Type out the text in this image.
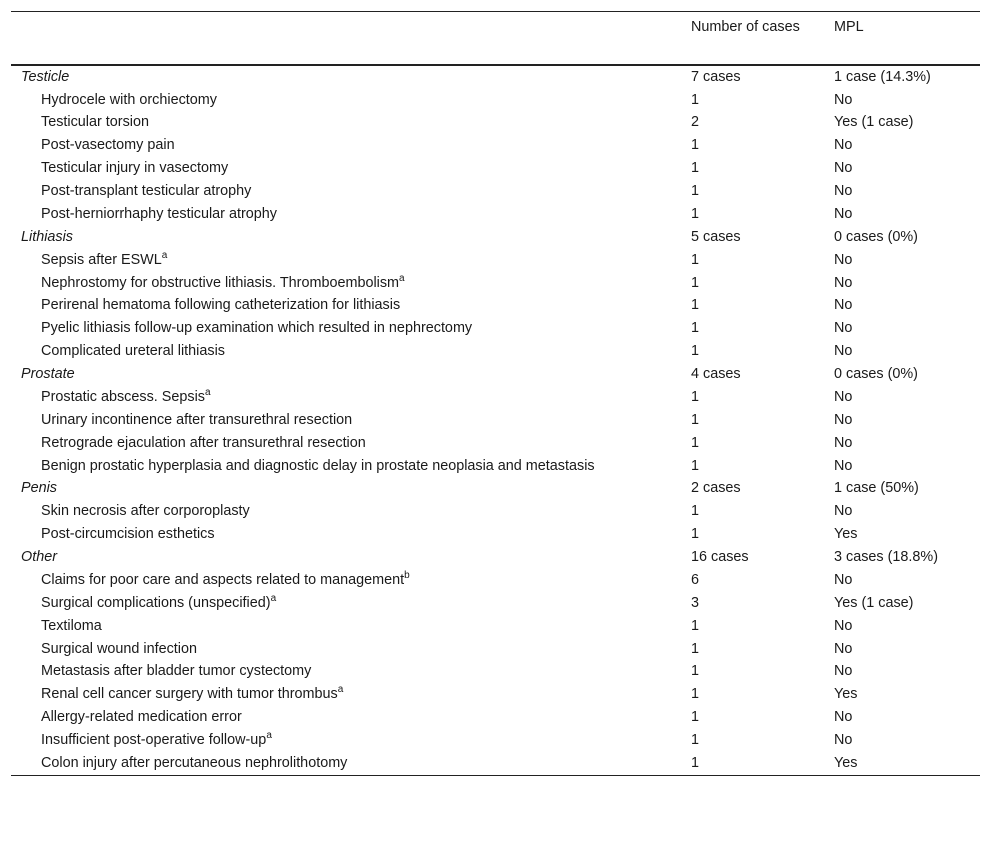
	Number of cases	MPL
Testicle	7 cases	1 case (14.3%)
Hydrocele with orchiectomy	1	No
Testicular torsion	2	Yes (1 case)
Post-vasectomy pain	1	No
Testicular injury in vasectomy	1	No
Post-transplant testicular atrophy	1	No
Post-herniorrhaphy testicular atrophy	1	No
Lithiasis	5 cases	0 cases (0%)
Sepsis after ESWL$^a$	1	No
Nephrostomy for obstructive lithiasis. Thromboembolism$^a$	1	No
Perirenal hematoma following catheterization for lithiasis	1	No
Pyelic lithiasis follow-up examination which resulted in nephrectomy	1	No
Complicated ureteral lithiasis	1	No
Prostate	4 cases	0 cases (0%)
Prostatic abscess. Sepsis$^a$	1	No
Urinary incontinence after transurethral resection	1	No
Retrograde ejaculation after transurethral resection	1	No
Benign prostatic hyperplasia and diagnostic delay in prostate neoplasia and metastasis	1	No
Penis	2 cases	1 case (50%)
Skin necrosis after corporoplasty	1	No
Post-circumcision esthetics	1	Yes
Other	16 cases	3 cases (18.8%)
Claims for poor care and aspects related to management$^b$	6	No
Surgical complications (unspecified)$^a$	3	Yes (1 case)
Textiloma	1	No
Surgical wound infection	1	No
Metastasis after bladder tumor cystectomy	1	No
Renal cell cancer surgery with tumor thrombus$^a$	1	Yes
Allergy-related medication error	1	No
Insufficient post-operative follow-$up^a$	1	No
Colon injury after percutaneous nephrolithotomy	1	Yes
